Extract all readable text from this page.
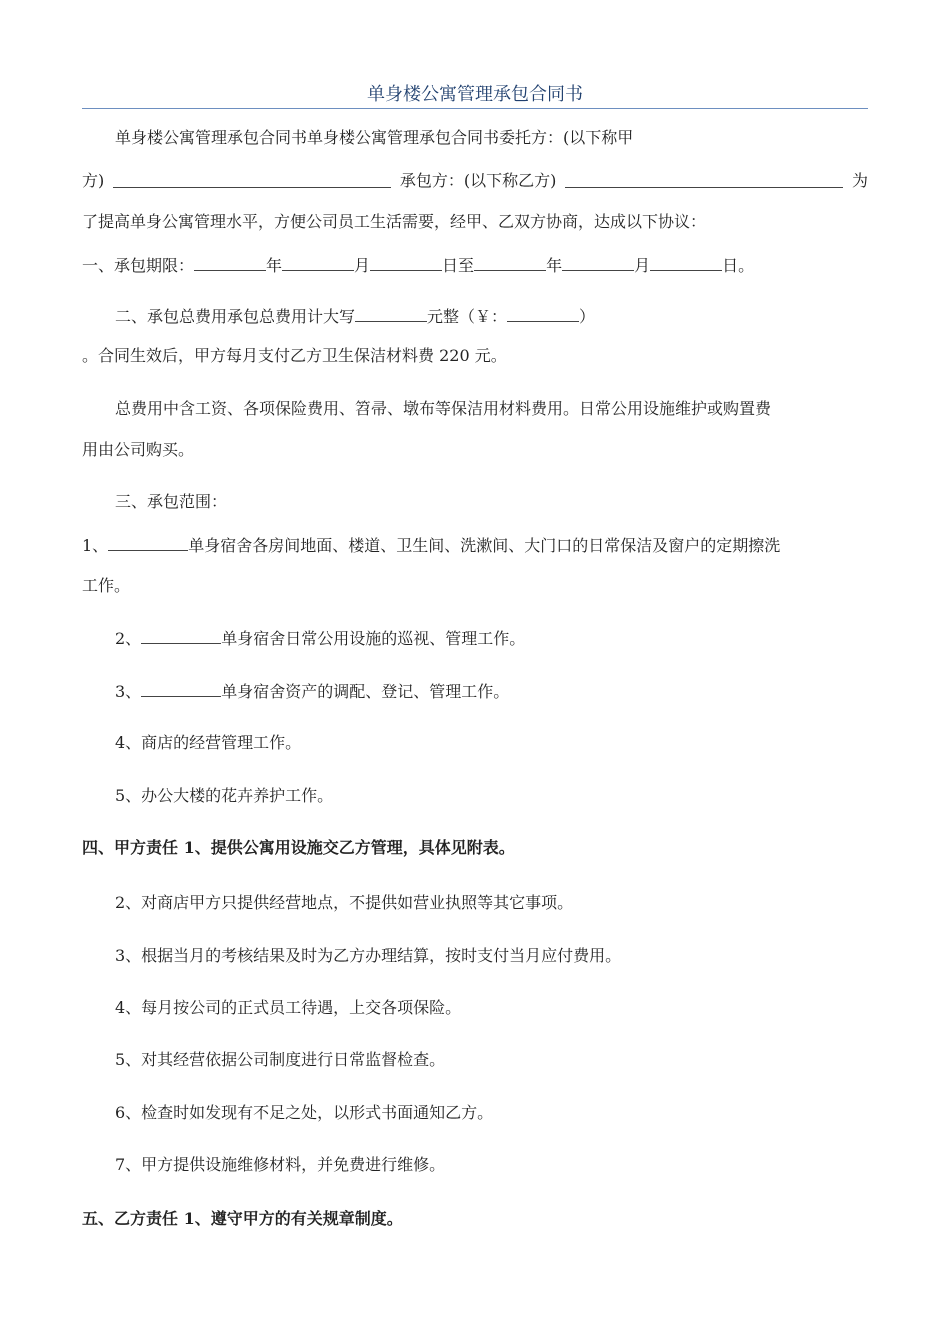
单身楼公寓管理承包合同书
单身楼公寓管理承包合同书单身楼公寓管理承包合同书委托方：(以下称甲
方)	承包方：(以下称乙方)	为
了提高单身公寓管理水平，方便公司员工生活需要，经甲、乙双方协商，达成以下协议：
一、承包期限：	年	月	日至	年	月	日。
二、承包总费用承包总费用计大写	元整（￥：	）
。合同生效后，甲方每月支付乙方卫生保洁材料费 220 元。
总费用中含工资、各项保险费用、笤帚、墩布等保洁用材料费用。日常公用设施维护或购置费
用由公司购买。
三、承包范围：
1、	单身宿舍各房间地面、楼道、卫生间、洗漱间、大门口的日常保洁及窗户的定期擦洗
工作。
2、	单身宿舍日常公用设施的巡视、管理工作。
3、	单身宿舍资产的调配、登记、管理工作。
4、商店的经营管理工作。
5、办公大楼的花卉养护工作。
四、甲方责任 1、提供公寓用设施交乙方管理，具体见附表。
2、对商店甲方只提供经营地点，不提供如营业执照等其它事项。
3、根据当月的考核结果及时为乙方办理结算，按时支付当月应付费用。
4、每月按公司的正式员工待遇，上交各项保险。
5、对其经营依据公司制度进行日常监督检查。
6、检查时如发现有不足之处，以形式书面通知乙方。
7、甲方提供设施维修材料，并免费进行维修。
五、乙方责任 1、遵守甲方的有关规章制度。
